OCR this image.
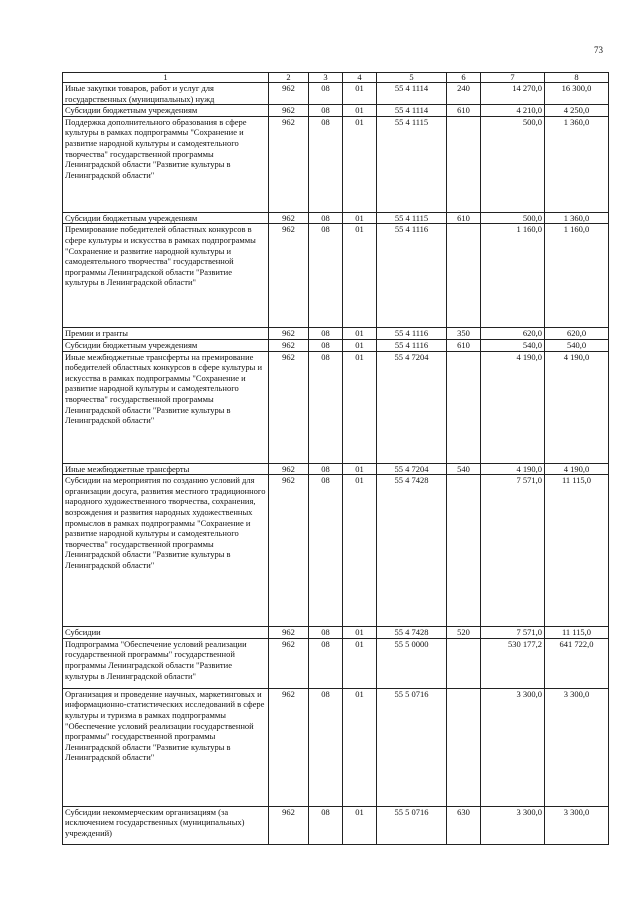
73
1	2	3	4	5	6	7	8
Иные закупки товаров, работ и услуг для государственных (муниципальных) нужд	962	08	01	55 4 1114	240	14 270,0	16 300,0
Субсидии бюджетным учреждениям	962	08	01	55 4 1114	610	4 210,0	4 250,0
Поддержка дополнительного образования в сфере культуры в рамках подпрограммы "Сохранение и развитие народной культуры и самодеятельного творчества" государственной программы Ленинградской области "Развитие культуры в Ленинградской области"	962	08	01	55 4 1115		500,0	1 360,0
Субсидии бюджетным учреждениям	962	08	01	55 4 1115	610	500,0	1 360,0
Премирование победителей областных конкурсов в сфере культуры и искусства в рамках подпрограммы "Сохранение и развитие народной культуры и самодеятельного творчества" государственной программы Ленинградской области "Развитие культуры в Ленинградской области"	962	08	01	55 4 1116		1 160,0	1 160,0
Премии и гранты	962	08	01	55 4 1116	350	620,0	620,0
Субсидии бюджетным учреждениям	962	08	01	55 4 1116	610	540,0	540,0
Иные межбюджетные трансферты на премирование победителей областных конкурсов в сфере культуры и искусства в рамках подпрограммы "Сохранение и развитие народной культуры и самодеятельного творчества" государственной программы Ленинградской области "Развитие культуры в Ленинградской области"	962	08	01	55 4 7204		4 190,0	4 190,0
Иные межбюджетные трансферты	962	08	01	55 4 7204	540	4 190,0	4 190,0
Субсидии на мероприятия по созданию условий для организации досуга, развития местного традиционного народного художественного творчества, сохранения, возрождения и развития народных художественных промыслов в рамках подпрограммы "Сохранение и развитие народной культуры и самодеятельного творчества" государственной программы Ленинградской области "Развитие культуры в Ленинградской области"	962	08	01	55 4 7428		7 571,0	11 115,0
Субсидии	962	08	01	55 4 7428	520	7 571,0	11 115,0
Подпрограмма "Обеспечение условий реализации государственной программы" государственной программы Ленинградской области "Развитие культуры в Ленинградской области"	962	08	01	55 5 0000		530 177,2	641 722,0
Организация и проведение научных, маркетинговых и информационно-статистических исследований в сфере культуры и туризма в рамках подпрограммы "Обеспечение условий реализации государственной программы" государственной программы Ленинградской области "Развитие культуры в Ленинградской области"	962	08	01	55 5 0716		3 300,0	3 300,0
Субсидии некоммерческим организациям (за исключением государственных (муниципальных) учреждений)	962	08	01	55 5 0716	630	3 300,0	3 300,0
